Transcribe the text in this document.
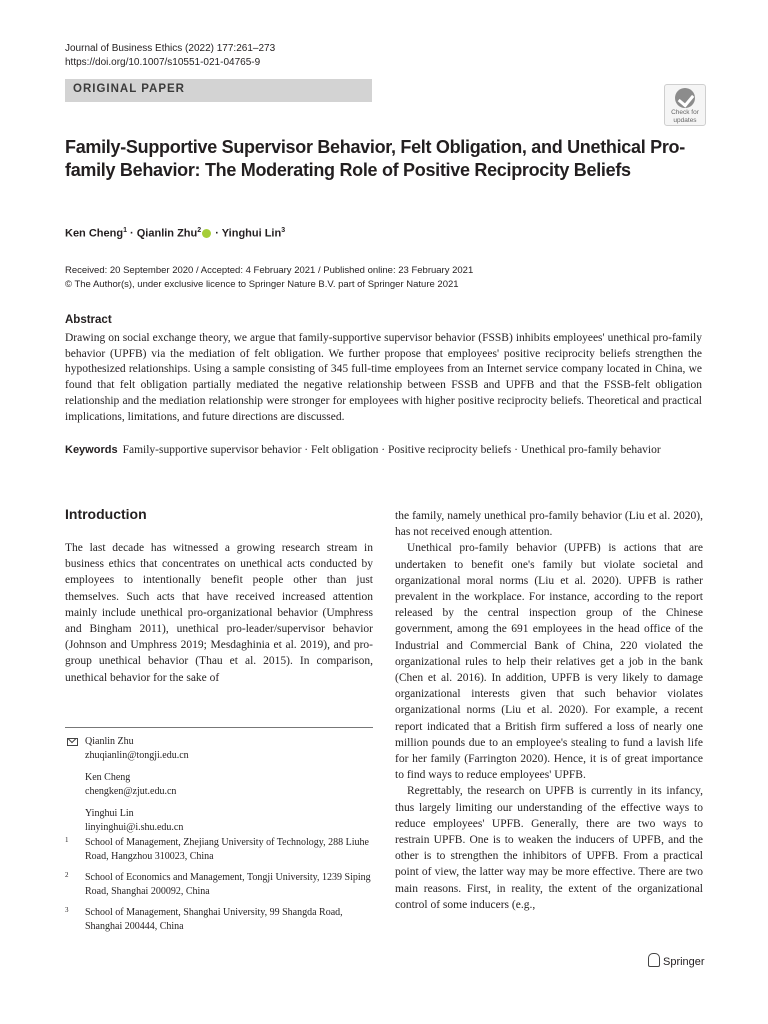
Journal of Business Ethics (2022) 177:261–273
https://doi.org/10.1007/s10551-021-04765-9
ORIGINAL PAPER
Check for
updates
Family-Supportive Supervisor Behavior, Felt Obligation, and Unethical Pro-family Behavior: The Moderating Role of Positive Reciprocity Beliefs
Ken Cheng$^1$ · Qianlin Zhu$^2$ · Yinghui Lin$^3$
Received: 20 September 2020 / Accepted: 4 February 2021 / Published online: 23 February 2021
© The Author(s), under exclusive licence to Springer Nature B.V. part of Springer Nature 2021
Abstract
Drawing on social exchange theory, we argue that family-supportive supervisor behavior (FSSB) inhibits employees' unethical pro-family behavior (UPFB) via the mediation of felt obligation. We further propose that employees' positive reciprocity beliefs strengthen the hypothesized relationships. Using a sample consisting of 345 full-time employees from an Internet service company located in China, we found that felt obligation partially mediated the negative relationship between FSSB and UPFB and that the FSSB-felt obligation relationship and the mediation relationship were stronger for employees with higher positive reciprocity beliefs. Theoretical and practical implications, limitations, and future directions are discussed.
Keywords Family-supportive supervisor behavior · Felt obligation · Positive reciprocity beliefs · Unethical pro-family behavior
Introduction

The last decade has witnessed a growing research stream in business ethics that concentrates on unethical acts conducted by employees to intentionally benefit people other than just themselves. Such acts that have received increased attention mainly include unethical pro-organizational behavior (Umphress and Bingham 2011), unethical pro-leader/supervisor behavior (Johnson and Umphress 2019; Mesdaghinia et al. 2019), and pro-group unethical behavior (Thau et al. 2015). In comparison, unethical behavior for the sake of

the family, namely unethical pro-family behavior (Liu et al. 2020), has not received enough attention.

Unethical pro-family behavior (UPFB) is actions that are undertaken to benefit one's family but violate societal and organizational moral norms (Liu et al. 2020). UPFB is rather prevalent in the workplace. For instance, according to the report released by the central inspection group of the Chinese government, among the 691 employees in the head office of the Industrial and Commercial Bank of China, 220 violated the organizational rules to help their relatives get a job in the bank (Chen et al. 2016). In addition, UPFB is very likely to damage organizational interests given that such behavior violates organizational norms (Liu et al. 2020). For example, a recent report indicated that a British firm suffered a loss of nearly one million pounds due to an employee's stealing to fund a lavish life for her family (Farrington 2020). Hence, it is of great importance to find ways to reduce employees' UPFB.

Regrettably, the research on UPFB is currently in its infancy, thus largely limiting our understanding of the effective ways to reduce employees' UPFB. Generally, there are two ways to restrain UPFB. One is to weaken the inducers of UPFB, and the other is to strengthen the inhibitors of UPFB. From a practical point of view, the latter way may be more effective. There are two main reasons. First, in reality, the extent of the organizational control of some inducers (e.g.,

Qianlin Zhu
zhuqianlin@tongji.edu.cn
Ken Cheng
chengken@zjut.edu.cn
Yinghui Lin
linyinghui@i.shu.edu.cn
1 School of Management, Zhejiang University of Technology, 288 Liuhe Road, Hangzhou 310023, China
2 School of Economics and Management, Tongji University, 1239 Siping Road, Shanghai 200092, China
3 School of Management, Shanghai University, 99 Shangda Road, Shanghai 200444, China
Springer
